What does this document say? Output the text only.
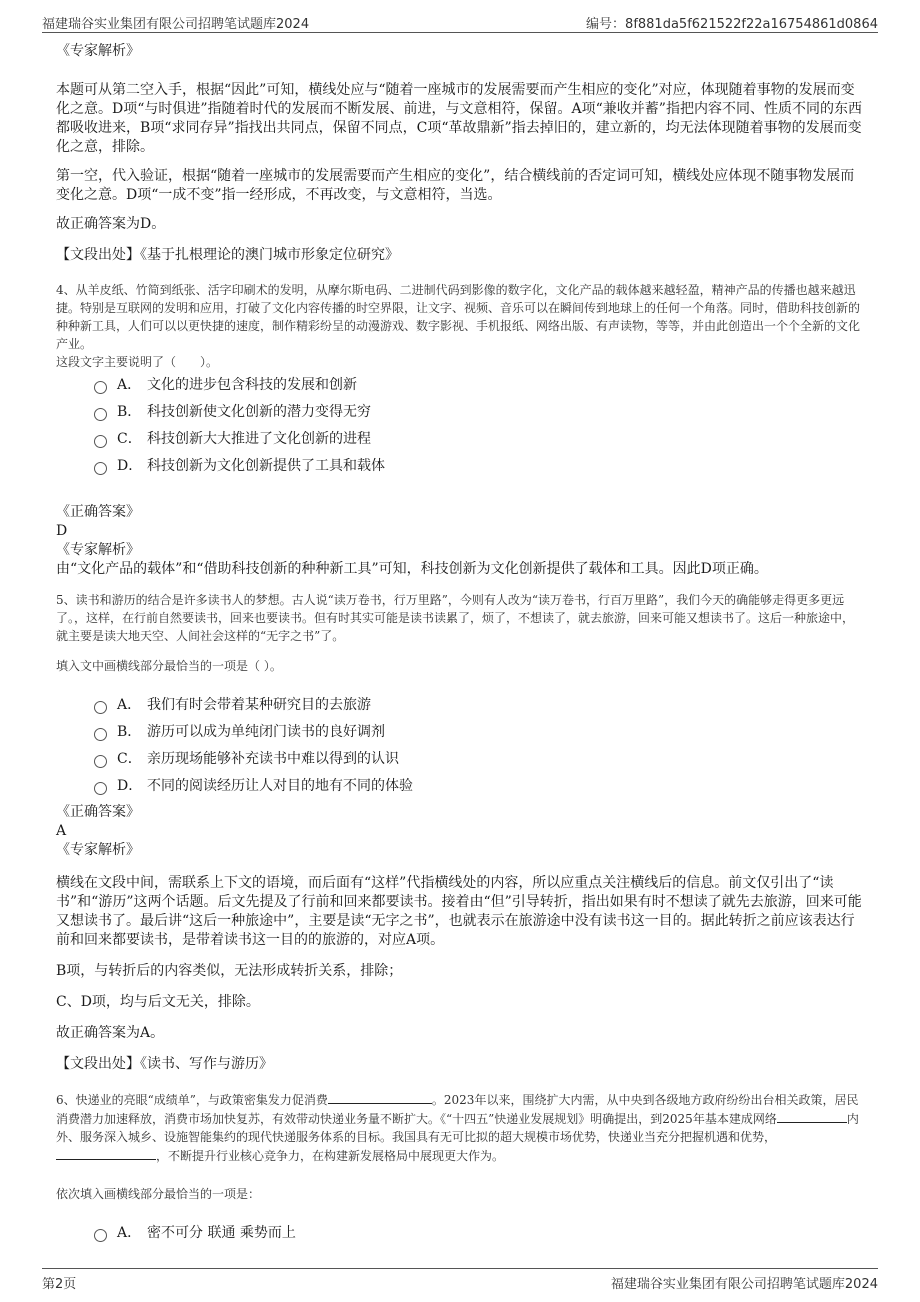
福建瑞谷实业集团有限公司招聘笔试题库2024	编号：8f881da5f621522f22a16754861d0864

《专家解析》

本题可从第二空入手，根据“因此”可知，横线处应与“随着一座城市的发展需要而产生相应的变化”对应，体现随着事物的发展而变化之意。D项“与时俱进”指随着时代的发展而不断发展、前进，与文意相符，保留。A项“兼收并蓄”指把内容不同、性质不同的东西都吸收进来，B项“求同存异”指找出共同点，保留不同点，C项“革故鼎新”指去掉旧的，建立新的，均无法体现随着事物的发展而变化之意，排除。

第一空，代入验证，根据“随着一座城市的发展需要而产生相应的变化”，结合横线前的否定词可知，横线处应体现不随事物发展而变化之意。D项“一成不变”指一经形成，不再改变，与文意相符，当选。

故正确答案为D。

【文段出处】《基于扎根理论的澳门城市形象定位研究》

4、从羊皮纸、竹简到纸张、活字印刷术的发明，从摩尔斯电码、二进制代码到影像的数字化，文化产品的载体越来越轻盈，精神产品的传播也越来越迅捷。特别是互联网的发明和应用，打破了文化内容传播的时空界限，让文字、视频、音乐可以在瞬间传到地球上的任何一个角落。同时，借助科技创新的种种新工具，人们可以以更快捷的速度，制作精彩纷呈的动漫游戏、数字影视、手机报纸、网络出版、有声读物，等等，并由此创造出一个个全新的文化产业。

这段文字主要说明了（　　）。

A． 文化的进步包含科技的发展和创新
B． 科技创新使文化创新的潜力变得无穷
C． 科技创新大大推进了文化创新的进程
D． 科技创新为文化创新提供了工具和载体

《正确答案》

D

《专家解析》

由“文化产品的载体”和“借助科技创新的种种新工具”可知，科技创新为文化创新提供了载体和工具。因此D项正确。

5、读书和游历的结合是许多读书人的梦想。古人说“读万卷书，行万里路”，今则有人改为“读万卷书，行百万里路”，我们今天的确能够走得更多更远了。，这样，在行前自然要读书，回来也要读书。但有时其实可能是读书读累了，烦了，不想读了，就去旅游，回来可能又想读书了。这后一种旅途中，就主要是读大地天空、人间社会这样的“无字之书”了。

填入文中画横线部分最恰当的一项是（ ）。

A． 我们有时会带着某种研究目的去旅游
B． 游历可以成为单纯闭门读书的良好调剂
C． 亲历现场能够补充读书中难以得到的认识
D． 不同的阅读经历让人对目的地有不同的体验

《正确答案》

A

《专家解析》

横线在文段中间，需联系上下文的语境，而后面有“这样”代指横线处的内容，所以应重点关注横线后的信息。前文仅引出了“读书”和“游历”这两个话题。后文先提及了行前和回来都要读书。接着由“但”引导转折，指出如果有时不想读了就先去旅游，回来可能又想读书了。最后讲“这后一种旅途中”，主要是读“无字之书”，也就表示在旅游途中没有读书这一目的。据此转折之前应该表达行前和回来都要读书，是带着读书这一目的的旅游的，对应A项。

B项，与转折后的内容类似，无法形成转折关系，排除；

C、D项，均与后文无关，排除。

故正确答案为A。

【文段出处】《读书、写作与游历》

6、快递业的亮眼“成绩单”，与政策密集发力促消费	。2023年以来，围绕扩大内需，从中央到各级地方政府纷纷出台相关政策，居民消费潜力加速释放，消费市场加快复苏，有效带动快递业务量不断扩大。《“十四五”快递业发展规划》明确提出，到2025年基本建成网络	内外、服务深入城乡、设施智能集约的现代快递服务体系的目标。我国具有无可比拟的超大规模市场优势，快递业当充分把握机遇和优势，，不断提升行业核心竞争力，在构建新发展格局中展现更大作为。

依次填入画横线部分最恰当的一项是：

A． 密不可分 联通 乘势而上
第2页	福建瑞谷实业集团有限公司招聘笔试题库2024
